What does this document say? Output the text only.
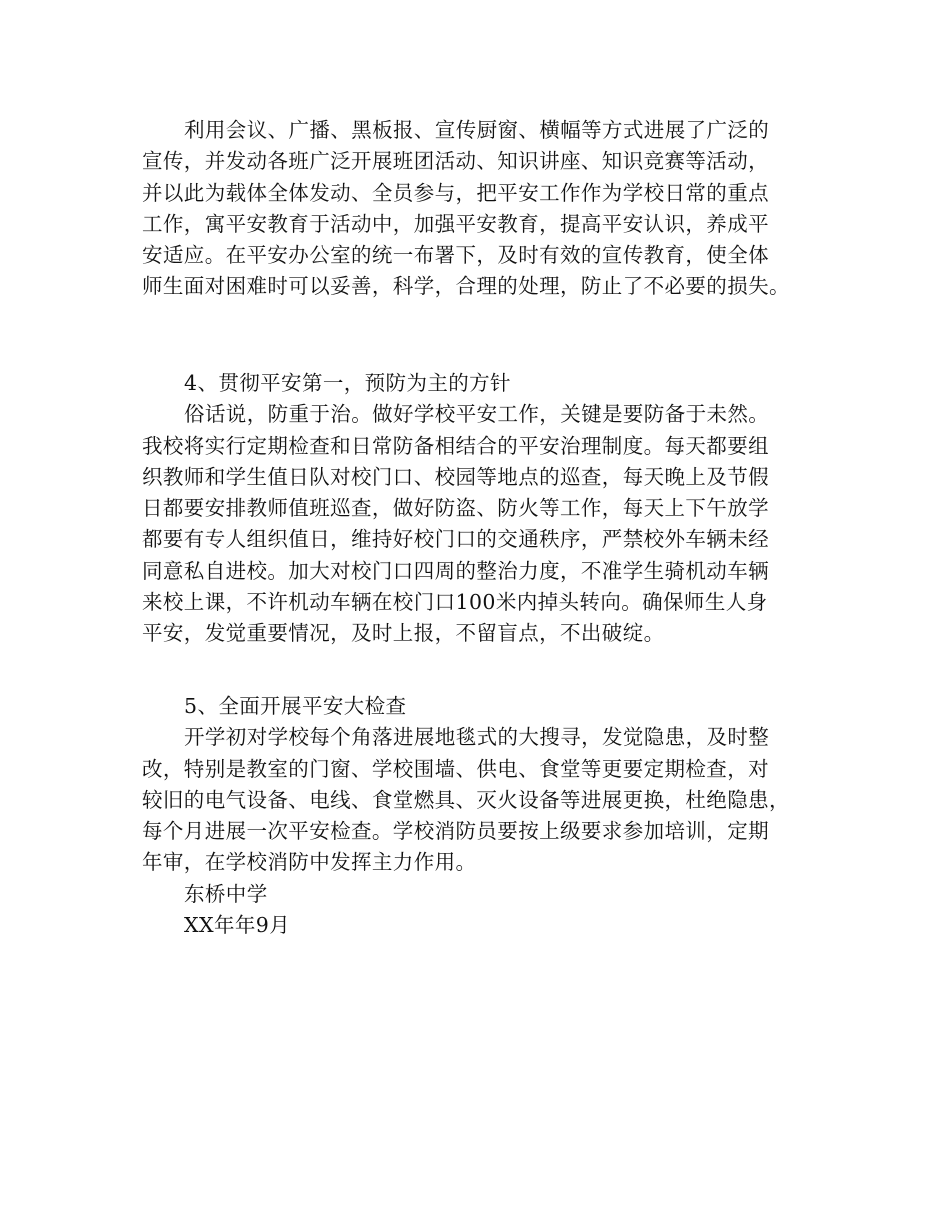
利用会议、广播、黑板报、宣传厨窗、横幅等方式进展了广泛的
宣传，并发动各班广泛开展班团活动、知识讲座、知识竞赛等活动，
并以此为载体全体发动、全员参与，把平安工作作为学校日常的重点
工作，寓平安教育于活动中，加强平安教育，提高平安认识，养成平
安适应。在平安办公室的统一布署下，及时有效的宣传教育，使全体
师生面对困难时可以妥善，科学，合理的处理，防止了不必要的损失。
4、贯彻平安第一，预防为主的方针
俗话说，防重于治。做好学校平安工作，关键是要防备于未然。
我校将实行定期检查和日常防备相结合的平安治理制度。每天都要组
织教师和学生值日队对校门口、校园等地点的巡查，每天晚上及节假
日都要安排教师值班巡查，做好防盗、防火等工作，每天上下午放学
都要有专人组织值日，维持好校门口的交通秩序，严禁校外车辆未经
同意私自进校。加大对校门口四周的整治力度，不准学生骑机动车辆
来校上课，不许机动车辆在校门口100米内掉头转向。确保师生人身
平安，发觉重要情况，及时上报，不留盲点，不出破绽。
5、全面开展平安大检查
开学初对学校每个角落进展地毯式的大搜寻，发觉隐患，及时整
改，特别是教室的门窗、学校围墙、供电、食堂等更要定期检查，对
较旧的电气设备、电线、食堂燃具、灭火设备等进展更换，杜绝隐患，
每个月进展一次平安检查。学校消防员要按上级要求参加培训，定期
年审，在学校消防中发挥主力作用。
东桥中学
XX年年9月
